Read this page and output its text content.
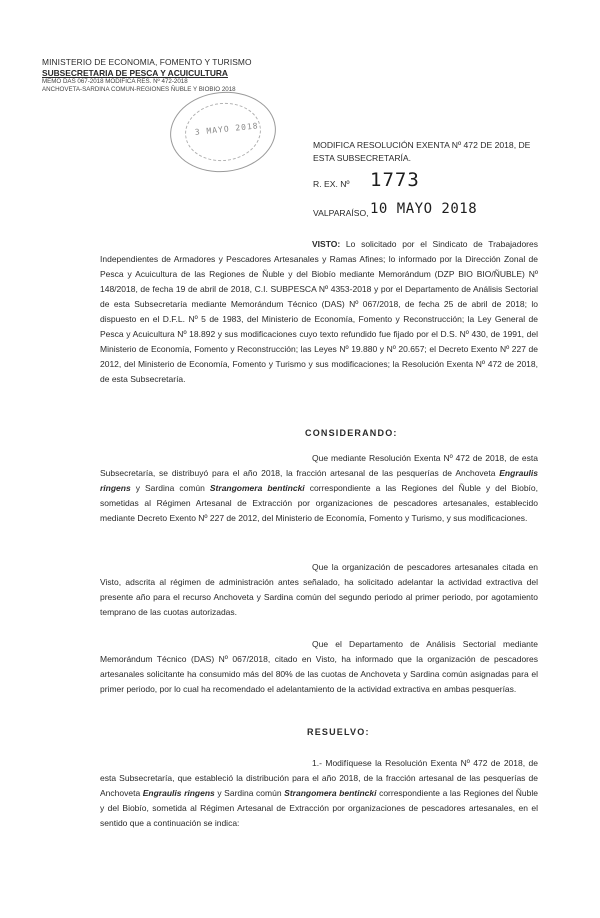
MINISTERIO DE ECONOMIA, FOMENTO Y TURISMO
SUBSECRETARIA DE PESCA Y ACUICULTURA
MEMO DAS 067-2018 MODIFICA RES. Nº 472-2018
ANCHOVETA-SARDINA COMUN-REGIONES ÑUBLE Y BIOBIO 2018
3 MAYO 2018
MODIFICA RESOLUCIÓN EXENTA Nº 472 DE 2018, DE ESTA SUBSECRETARÍA.
R. EX. Nº 1773
VALPARAÍSO, 10 MAYO 2018
VISTO: Lo solicitado por el Sindicato de Trabajadores Independientes de Armadores y Pescadores Artesanales y Ramas Afines; lo informado por la Dirección Zonal de Pesca y Acuicultura de las Regiones de Ñuble y del Biobío mediante Memorándum (DZP BIO BIO/ÑUBLE) Nº 148/2018, de fecha 19 de abril de 2018, C.I. SUBPESCA Nº 4353-2018 y por el Departamento de Análisis Sectorial de esta Subsecretaría mediante Memorándum Técnico (DAS) Nº 067/2018, de fecha 25 de abril de 2018; lo dispuesto en el D.F.L. Nº 5 de 1983, del Ministerio de Economía, Fomento y Reconstrucción; la Ley General de Pesca y Acuicultura Nº 18.892 y sus modificaciones cuyo texto refundido fue fijado por el D.S. Nº 430, de 1991, del Ministerio de Economía, Fomento y Reconstrucción; las Leyes Nº 19.880 y Nº 20.657; el Decreto Exento Nº 227 de 2012, del Ministerio de Economía, Fomento y Turismo y sus modificaciones; la Resolución Exenta Nº 472 de 2018, de esta Subsecretaría.
CONSIDERANDO:
Que mediante Resolución Exenta Nº 472 de 2018, de esta Subsecretaría, se distribuyó para el año 2018, la fracción artesanal de las pesquerías de Anchoveta Engraulis ringens y Sardina común Strangomera bentincki correspondiente a las Regiones del Ñuble y del Biobío, sometidas al Régimen Artesanal de Extracción por organizaciones de pescadores artesanales, establecido mediante Decreto Exento Nº 227 de 2012, del Ministerio de Economía, Fomento y Turismo, y sus modificaciones.
Que la organización de pescadores artesanales citada en Visto, adscrita al régimen de administración antes señalado, ha solicitado adelantar la actividad extractiva del presente año para el recurso Anchoveta y Sardina común del segundo periodo al primer periodo, por agotamiento temprano de las cuotas autorizadas.
Que el Departamento de Análisis Sectorial mediante Memorándum Técnico (DAS) Nº 067/2018, citado en Visto, ha informado que la organización de pescadores artesanales solicitante ha consumido más del 80% de las cuotas de Anchoveta y Sardina común asignadas para el primer periodo, por lo cual ha recomendado el adelantamiento de la actividad extractiva en ambas pesquerías.
RESUELVO:
1.- Modifíquese la Resolución Exenta Nº 472 de 2018, de esta Subsecretaría, que estableció la distribución para el año 2018, de la fracción artesanal de las pesquerías de Anchoveta Engraulis ringens y Sardina común Strangomera bentincki correspondiente a las Regiones del Ñuble y del Biobío, sometida al Régimen Artesanal de Extracción por organizaciones de pescadores artesanales, en el sentido que a continuación se indica:
